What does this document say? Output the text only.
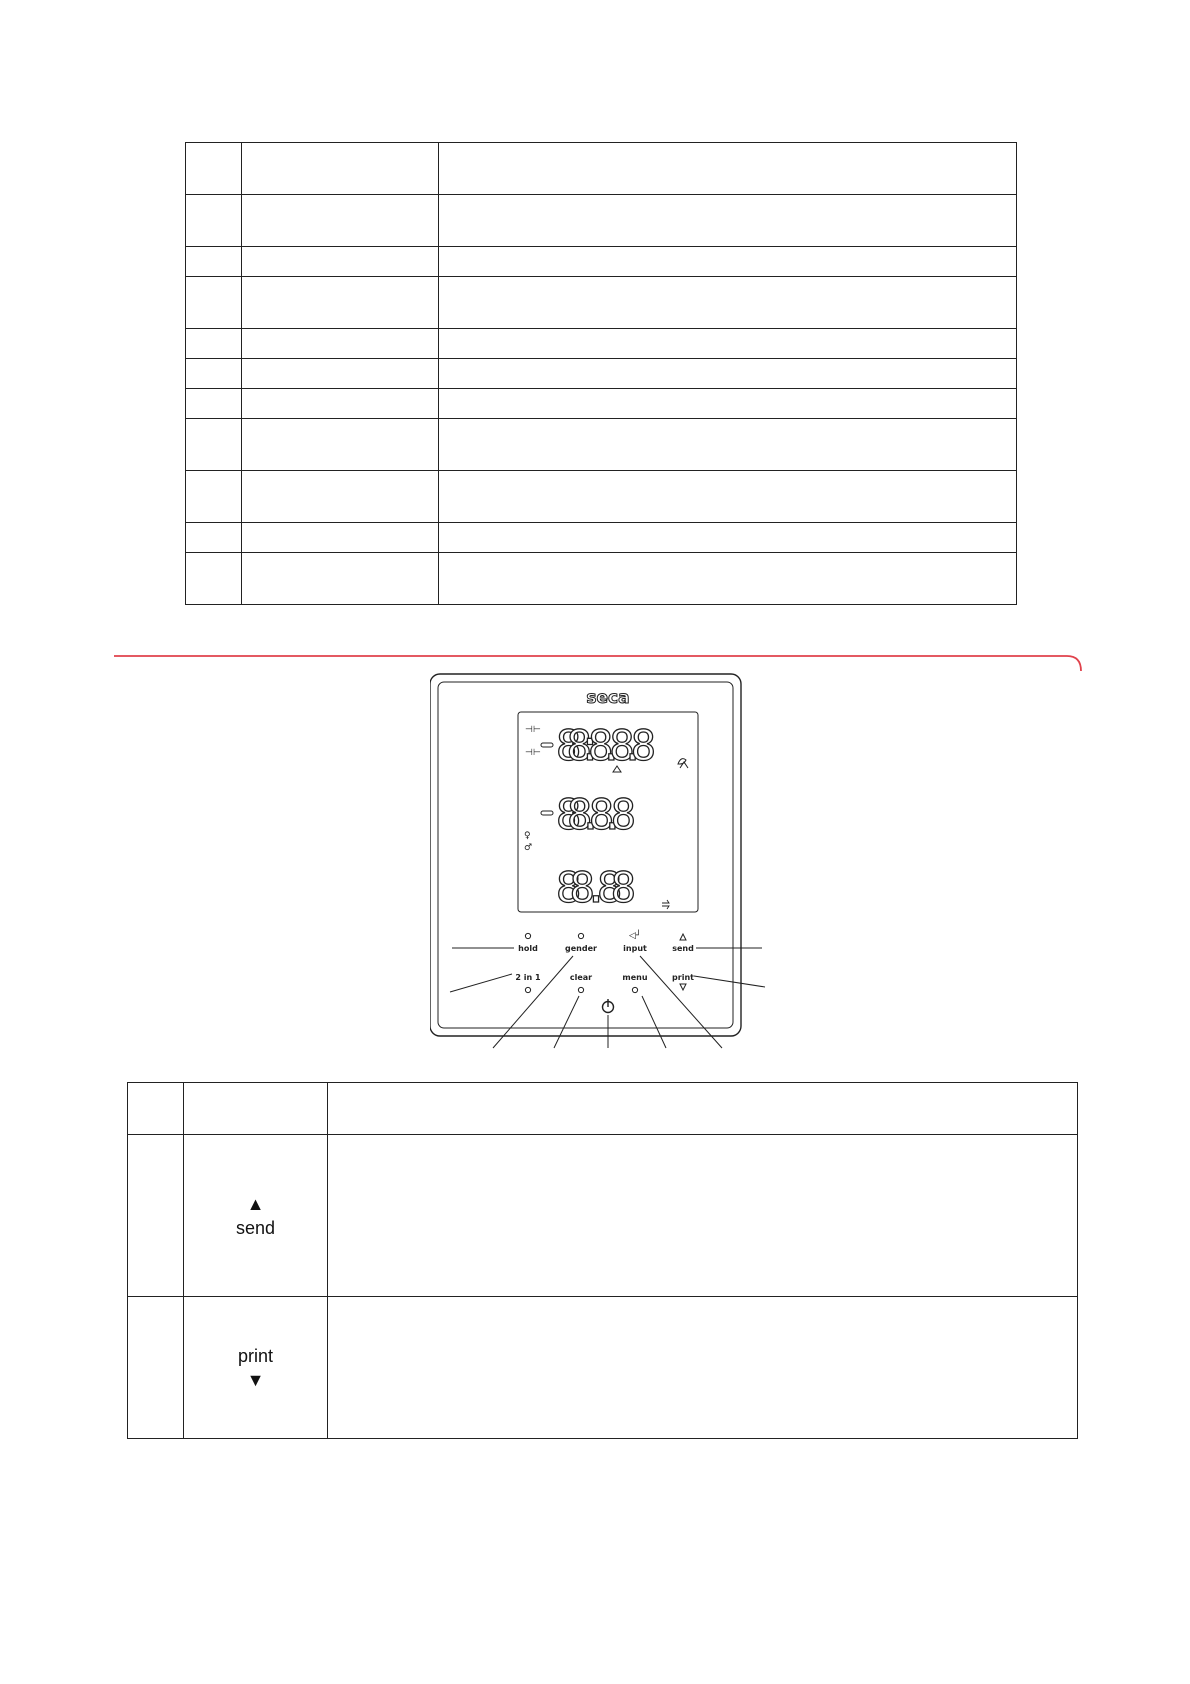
seca
⊣⊢
⊣⊢
♀
♂
88:8.8.8
88.8.8
88.88
hold	gender
◁┘
input	send
2 in 1	clear	menu	print

	▲
send	

	print
▼	
